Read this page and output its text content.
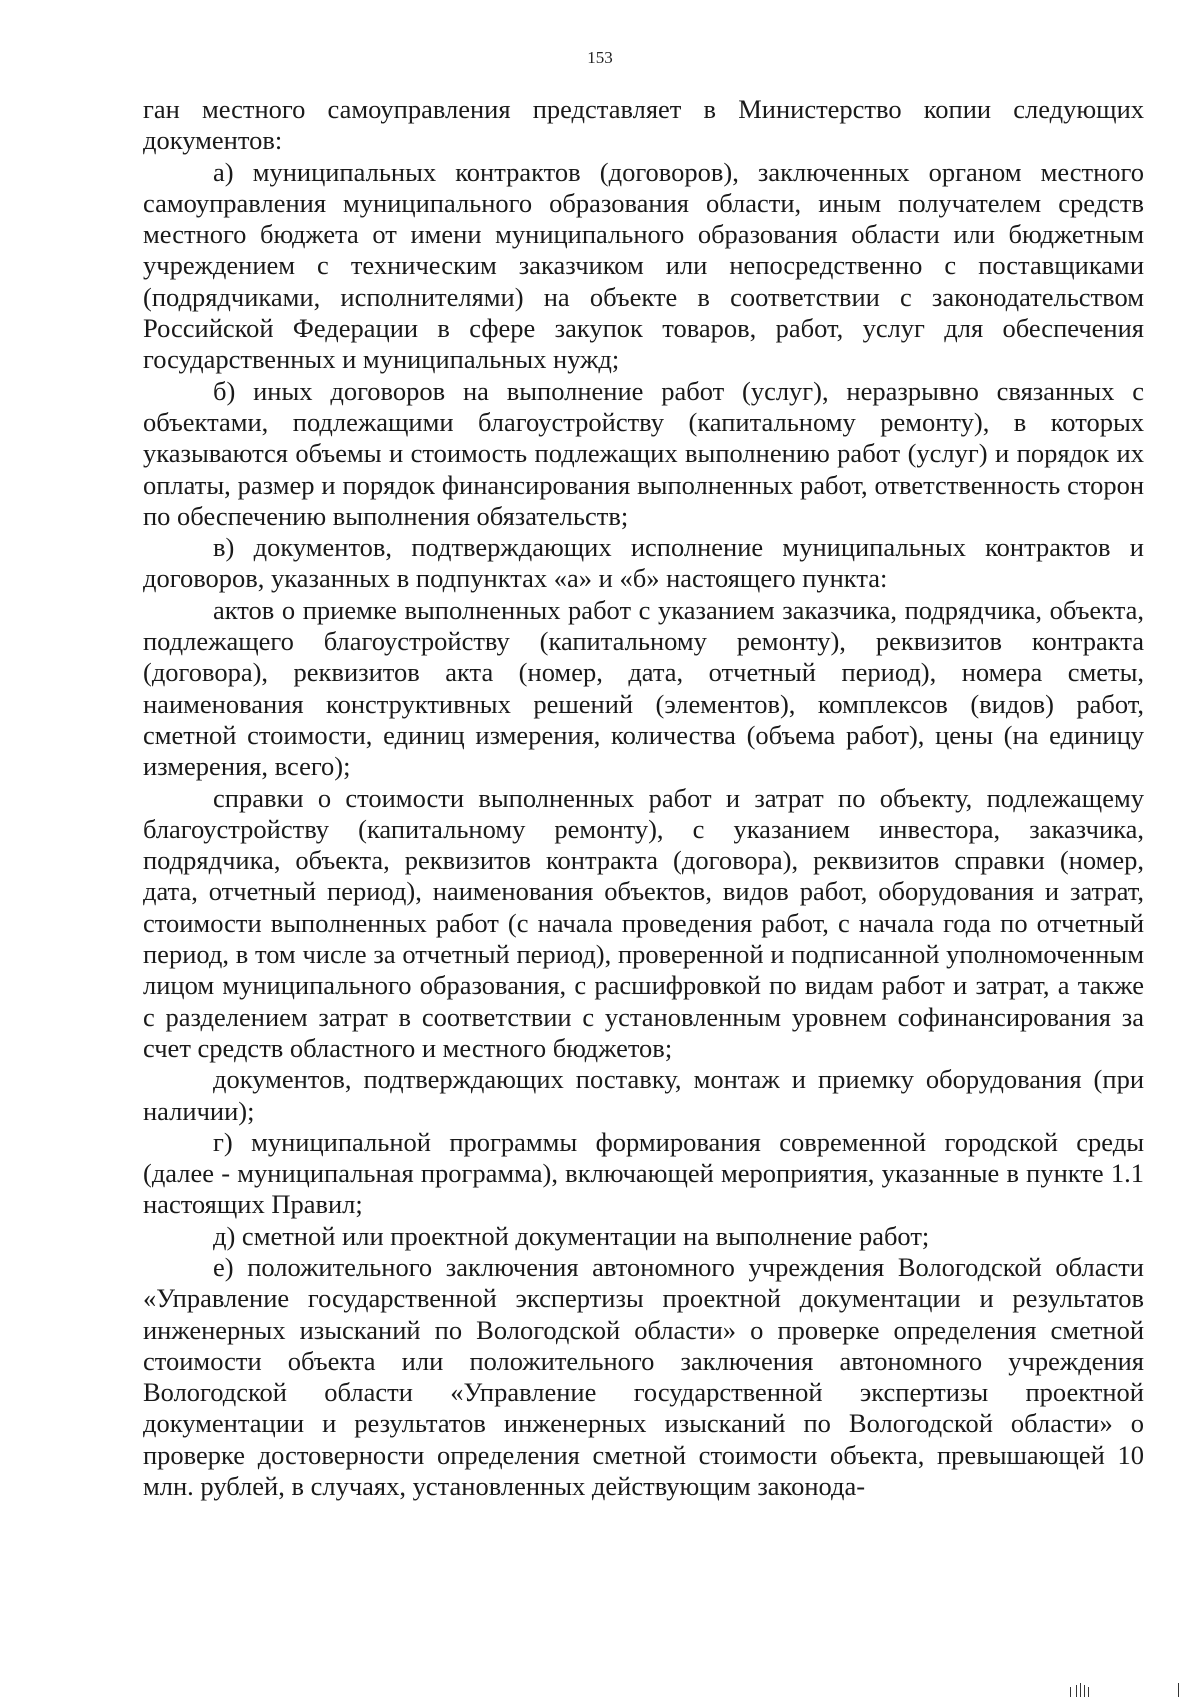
153

ган местного самоуправления представляет в Министерство копии следующих документов:

а) муниципальных контрактов (договоров), заключенных органом местного самоуправления муниципального образования области, иным получателем средств местного бюджета от имени муниципального образования области или бюджетным учреждением с техническим заказчиком или непосредственно с поставщиками (подрядчиками, исполнителями) на объекте в соответствии с законодательством Российской Федерации в сфере закупок товаров, работ, услуг для обеспечения государственных и муниципальных нужд;

б) иных договоров на выполнение работ (услуг), неразрывно связанных с объектами, подлежащими благоустройству (капитальному ремонту), в которых указываются объемы и стоимость подлежащих выполнению работ (услуг) и порядок их оплаты, размер и порядок финансирования выполненных работ, ответственность сторон по обеспечению выполнения обязательств;

в) документов, подтверждающих исполнение муниципальных контрактов и договоров, указанных в подпунктах «а» и «б» настоящего пункта:

актов о приемке выполненных работ с указанием заказчика, подрядчика, объекта, подлежащего благоустройству (капитальному ремонту), реквизитов контракта (договора), реквизитов акта (номер, дата, отчетный период), номера сметы, наименования конструктивных решений (элементов), комплексов (видов) работ, сметной стоимости, единиц измерения, количества (объема работ), цены (на единицу измерения, всего);

справки о стоимости выполненных работ и затрат по объекту, подлежащему благоустройству (капитальному ремонту), с указанием инвестора, заказчика, подрядчика, объекта, реквизитов контракта (договора), реквизитов справки (номер, дата, отчетный период), наименования объектов, видов работ, оборудования и затрат, стоимости выполненных работ (с начала проведения работ, с начала года по отчетный период, в том числе за отчетный период), проверенной и подписанной уполномоченным лицом муниципального образования, с расшифровкой по видам работ и затрат, а также с разделением затрат в соответствии с установленным уровнем софинансирования за счет средств областного и местного бюджетов;

документов, подтверждающих поставку, монтаж и приемку оборудования (при наличии);

г) муниципальной программы формирования современной городской среды (далее - муниципальная программа), включающей мероприятия, указанные в пункте 1.1 настоящих Правил;

д) сметной или проектной документации на выполнение работ;

е) положительного заключения автономного учреждения Вологодской области «Управление государственной экспертизы проектной документации и результатов инженерных изысканий по Вологодской области» о проверке определения сметной стоимости объекта или положительного заключения автономного учреждения Вологодской области «Управление государственной экспертизы проектной документации и результатов инженерных изысканий по Вологодской области» о проверке достоверности определения сметной стоимости объекта, превышающей 10 млн. рублей, в случаях, установленных действующим законода-
